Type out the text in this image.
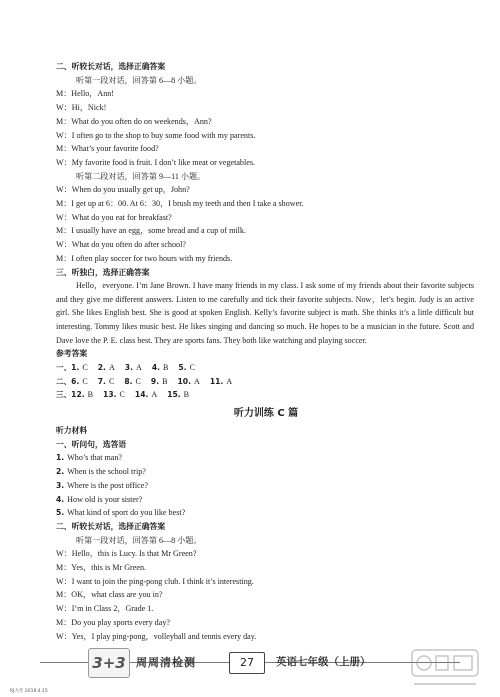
二、听较长对话，选择正确答案
听第一段对话，回答第 6—8 小题。
M：Hello，Ann!
W：Hi，Nick!
M：What do you often do on weekends，Ann?
W：I often go to the shop to buy some food with my parents.
M：What’s your favorite food?
W：My favorite food is fruit. I don’t like meat or vegetables.
听第二段对话，回答第 9—11 小题。
W：When do you usually get up，John?
M：I get up at 6：00. At 6：30，I brush my teeth and then I take a shower.
W：What do you eat for breakfast?
M：I usually have an egg，some bread and a cup of milk.
W：What do you often do after school?
M：I often play soccer for two hours with my friends.
三、听独白，选择正确答案
Hello，everyone. I’m Jane Brown. I have many friends in my class. I ask some of my friends about their favorite subjects and they give me different answers. Listen to me carefully and tick their favorite subjects. Now，let’s begin. Judy is an active girl. She likes English best. She is good at spoken English. Kelly’s favorite subject is math. She thinks it’s a little difficult but interesting. Tommy likes music best. He likes singing and dancing so much. He hopes to be a musician in the future. Scott and Dave love the P. E. class best. They are sports fans. They both like watching and playing soccer.
参考答案
一、1. C 2. A 3. A 4. B 5. C
二、6. C 7. C 8. C 9. B 10. A 11. A
三、12. B 13. C 14. A 15. B
听力训练 C 篇
听力材料
一、听问句，选答语
1. Who’s that man?
2. When is the school trip?
3. Where is the post office?
4. How old is your sister?
5. What kind of sport do you like best?
二、听较长对话，选择正确答案
听第一段对话，回答第 6—8 小题。
W：Hello，this is Lucy. Is that Mr Green?
M：Yes，this is Mr Green.
W：I want to join the ping-pong club. I think it’s interesting.
M：OK，what class are you in?
W：I’m in Class 2，Grade 1.
M：Do you play sports every day?
W：Yes，I play ping-pong，volleyball and tennis every day.
3+3 周周清检测	27	英语七年级（上册）
RJ九年 2019.4.15
